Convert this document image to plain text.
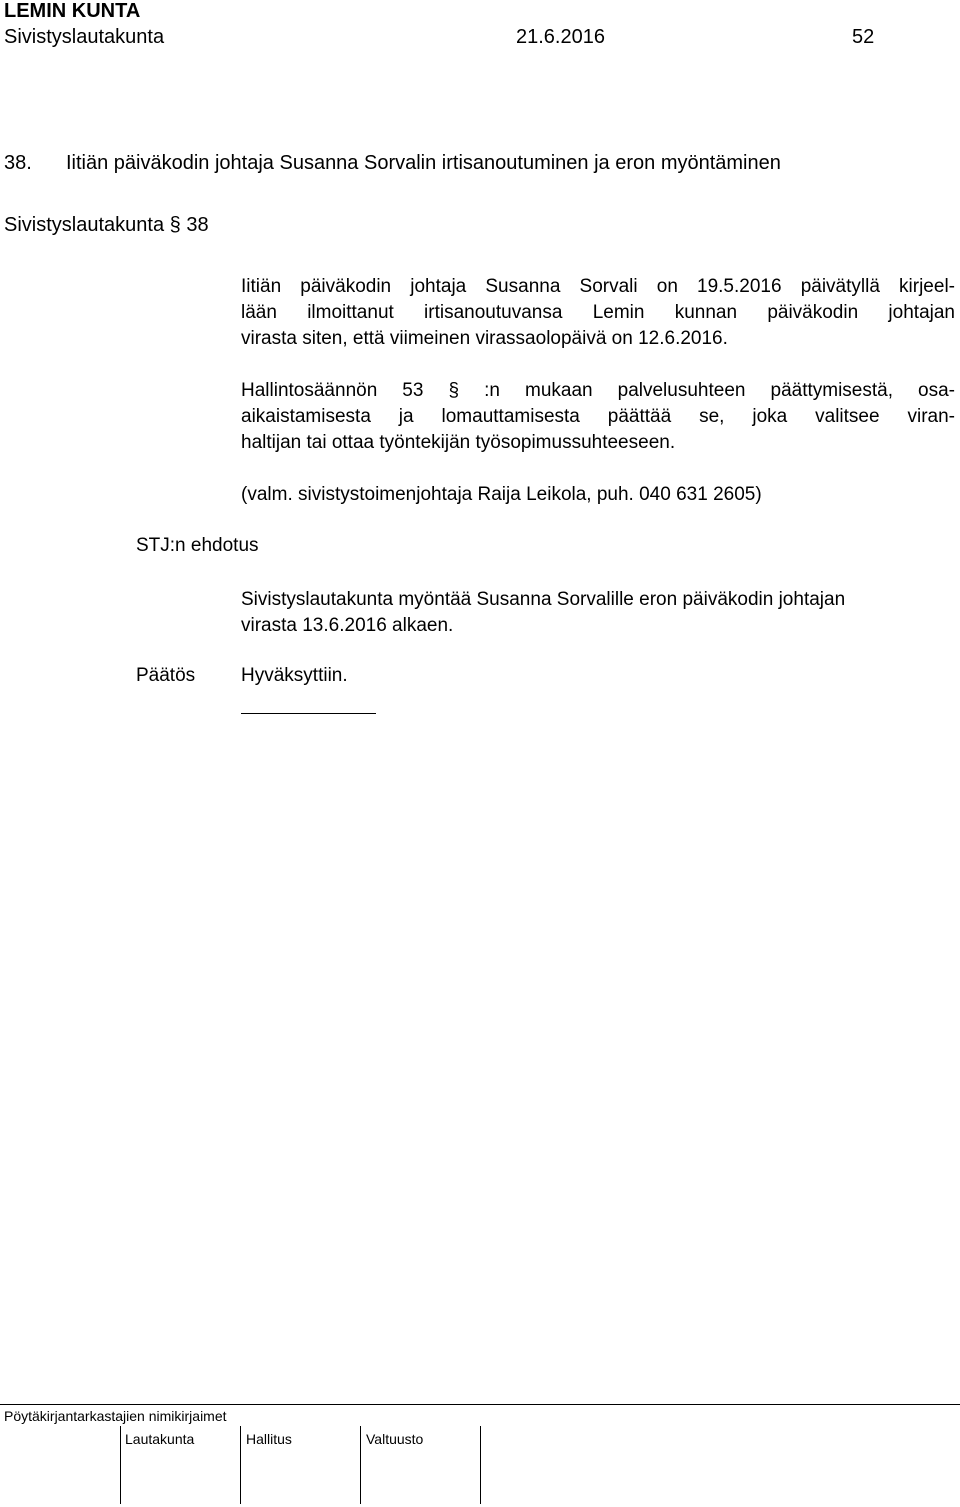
LEMIN KUNTA
Sivistyslautakunta	21.6.2016	52
38. Iitiän päiväkodin johtaja Susanna Sorvalin irtisanoutuminen ja eron myöntäminen
Sivistyslautakunta § 38
Iitiän päiväkodin johtaja Susanna Sorvali on 19.5.2016 päivätyllä kirjeel-
lään ilmoittanut irtisanoutuvansa Lemin kunnan päiväkodin johtajan
virasta siten, että viimeinen virassaolopäivä on 12.6.2016.
Hallintosäännön 53 § :n mukaan palvelusuhteen päättymisestä, osa-
aikaistamisesta ja lomauttamisesta päättää se, joka valitsee viran-
haltijan tai ottaa työntekijän työsopimussuhteeseen.
(valm. sivistystoimenjohtaja Raija Leikola, puh. 040 631 2605)
STJ:n ehdotus
Sivistyslautakunta myöntää Susanna Sorvalille eron päiväkodin johtajan
virasta 13.6.2016 alkaen.
Päätös Hyväksyttiin.
Pöytäkirjantarkastajien nimikirjaimet
Lautakunta	Hallitus	Valtuusto
